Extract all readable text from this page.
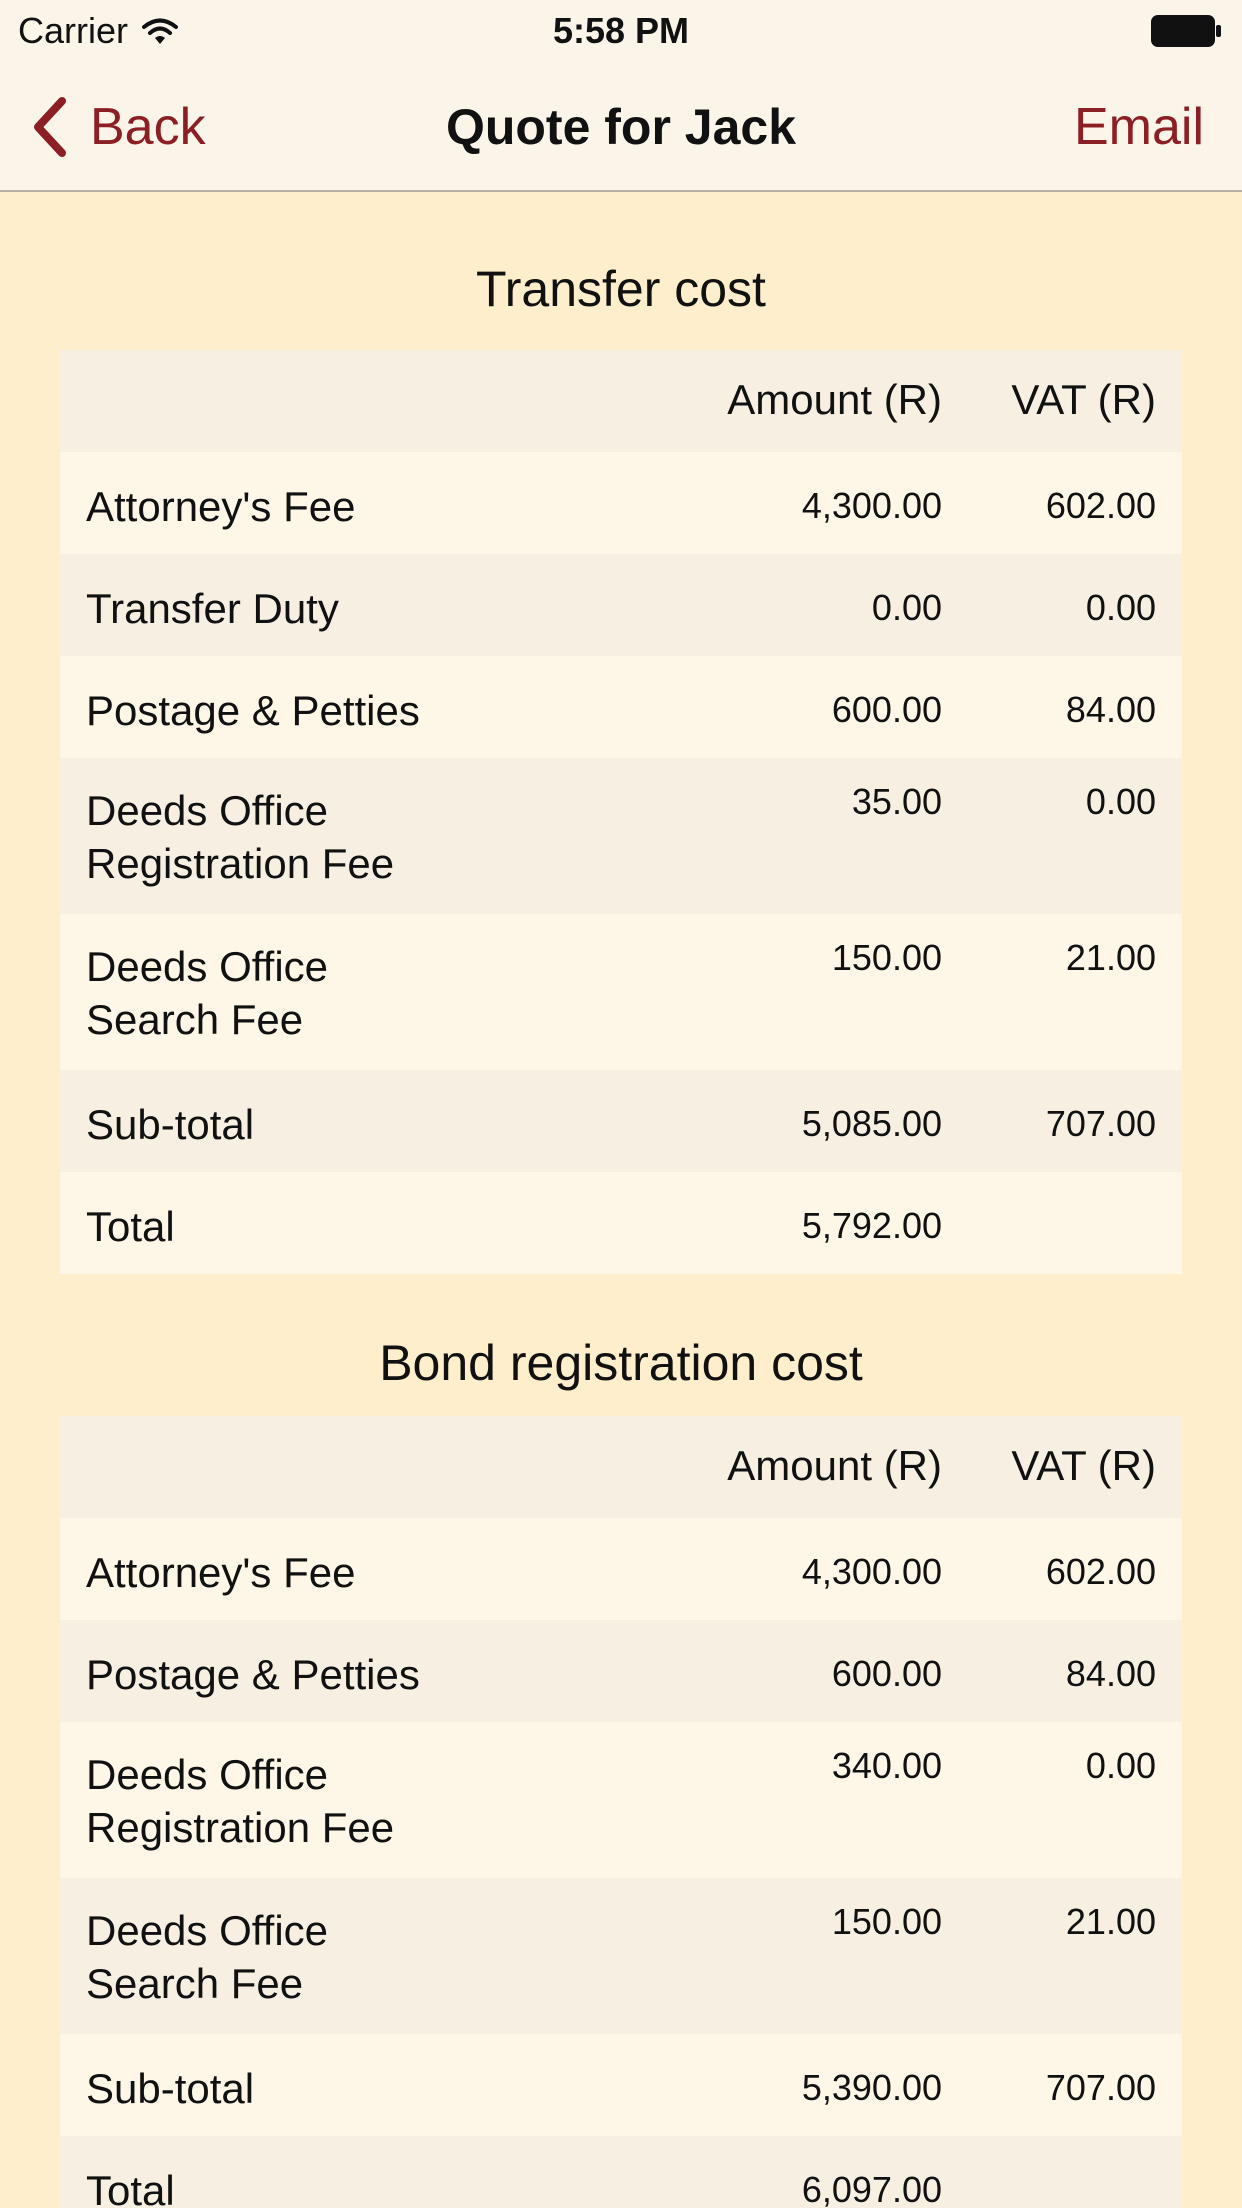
Carrier	5:58 PM
Back	Quote for Jack	Email
Transfer cost
Amount (R) VAT (R)
Attorney's Fee	4,300.00	602.00
Transfer Duty	0.00	0.00
Postage & Petties	600.00	84.00
Deeds Office
Registration Fee
35.00	0.00
Deeds Office
Search Fee
150.00	21.00
Sub-total	5,085.00	707.00
Total	5,792.00
Bond registration cost
Amount (R) VAT (R)
Attorney's Fee	4,300.00	602.00
Postage & Petties	600.00	84.00
Deeds Office
Registration Fee
340.00	0.00
Deeds Office
Search Fee
150.00	21.00
Sub-total	5,390.00	707.00
Total	6,097.00
